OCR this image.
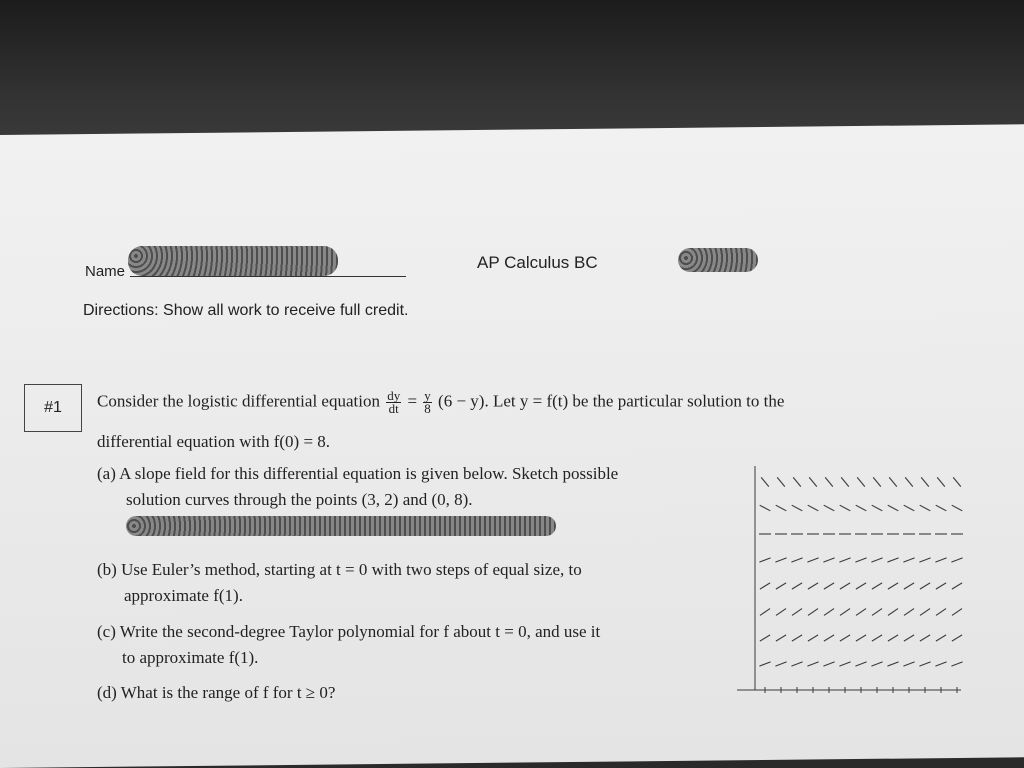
Name	AP Calculus BC
Directions: Show all work to receive full credit.
#1	Consider the logistic differential equation $\frac{dy}{dt} = \frac{y}{8} (6 - y)$. Let y = f(t) be the particular solution to the
differential equation with f(0) = 8.
(a) A slope field for this differential equation is given below. Sketch possible
solution curves through the points (3, 2) and (0, 8).
(b) Use Euler’s method, starting at t = 0 with two steps of equal size, to
approximate f(1).
(c) Write the second-degree Taylor polynomial for f about t = 0, and use it
to approximate f(1).
(d) What is the range of f for t ≥ 0?
